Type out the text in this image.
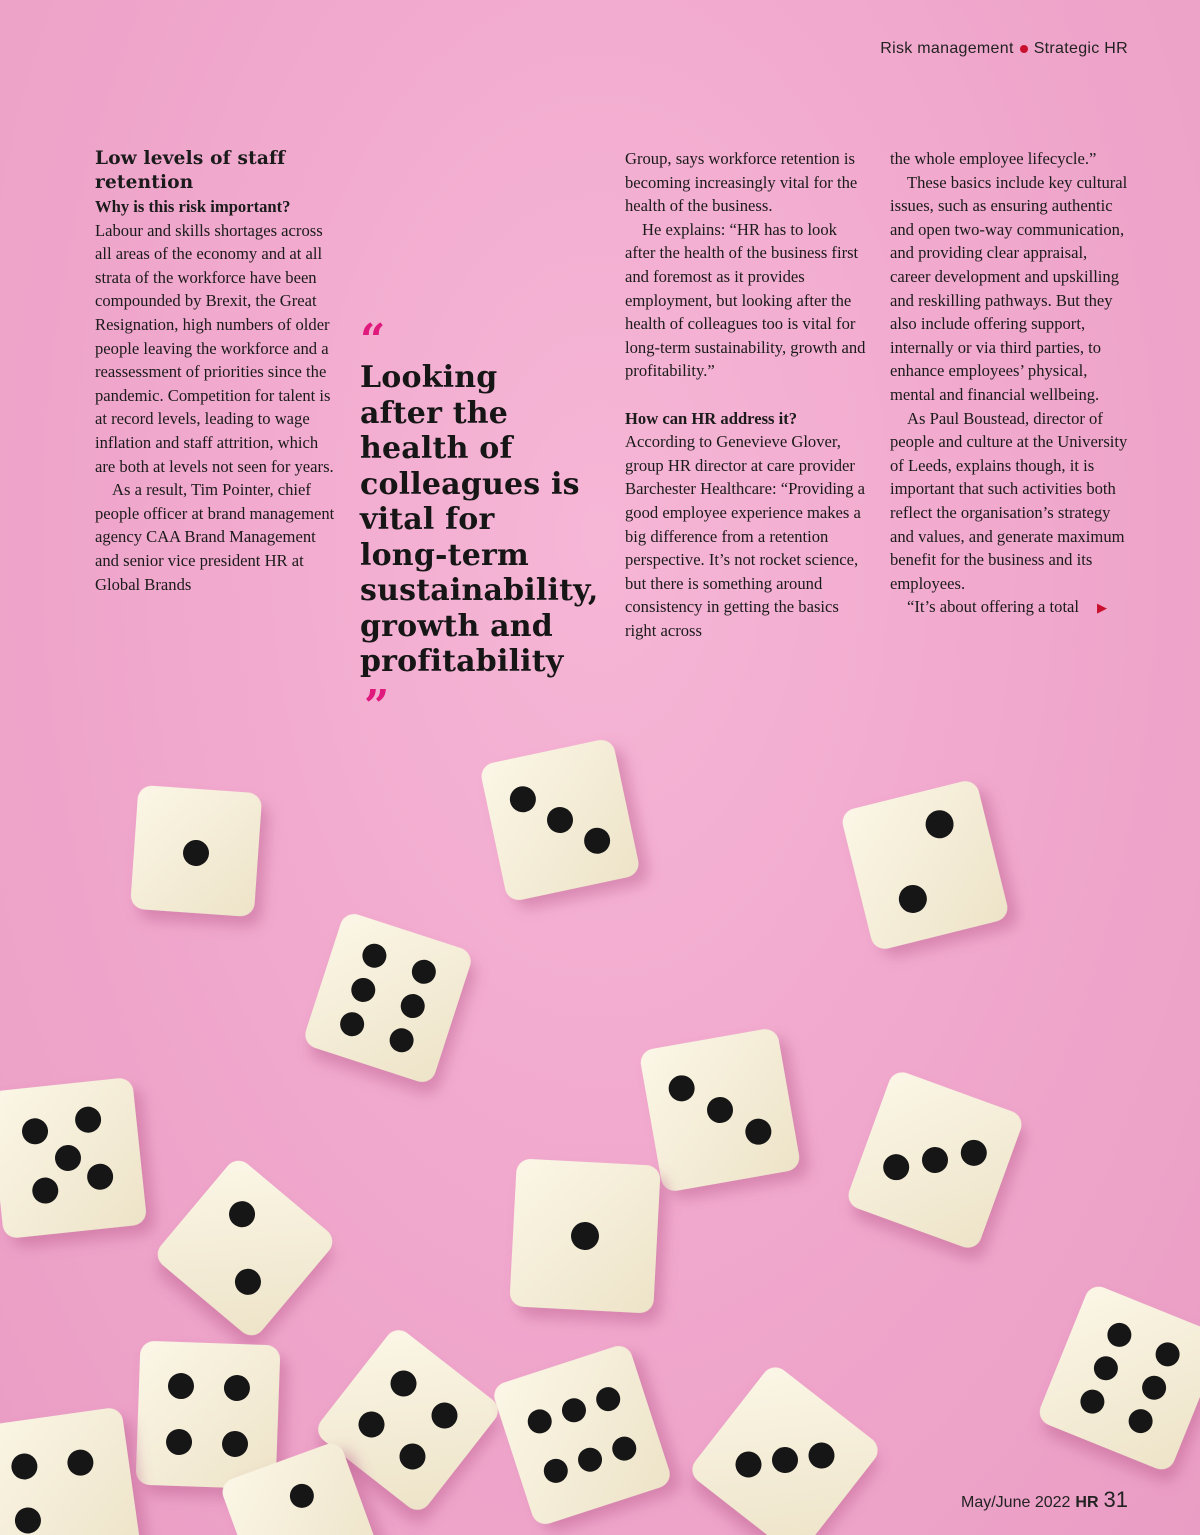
Risk management Strategic HR
Low levels of staff retention

Why is this risk important?

Labour and skills shortages across all areas of the economy and at all strata of the workforce have been compounded by Brexit, the Great Resignation, high numbers of older people leaving the workforce and a reassessment of priorities since the pandemic. Competition for talent is at record levels, leading to wage inflation and staff attrition, which are both at levels not seen for years.

As a result, Tim Pointer, chief people officer at brand management agency CAA Brand Management and senior vice president HR at Global Brands

“
Looking after the health of colleagues is vital for long-term sustainability, growth and profitability”

Group, says workforce retention is becoming increasingly vital for the health of the business.

He explains: “HR has to look after the health of the business first and foremost as it provides employment, but looking after the health of colleagues too is vital for long-term sustainability, growth and profitability.”

How can HR address it?

According to Genevieve Glover, group HR director at care provider Barchester Healthcare: “Providing a good employee experience makes a big difference from a retention perspective. It’s not rocket science, but there is something around consistency in getting the basics right across

the whole employee lifecycle.”

These basics include key cultural issues, such as ensuring authentic and open two-way communication, and providing clear appraisal, career development and upskilling and reskilling pathways. But they also include offering support, internally or via third parties, to enhance employees’ physical, mental and financial wellbeing.

As Paul Boustead, director of people and culture at the University of Leeds, explains though, it is important that such activities both reflect the organisation’s strategy and values, and generate maximum benefit for the business and its employees.

“It’s about offering a total ▶

May/June 2022 HR 31
